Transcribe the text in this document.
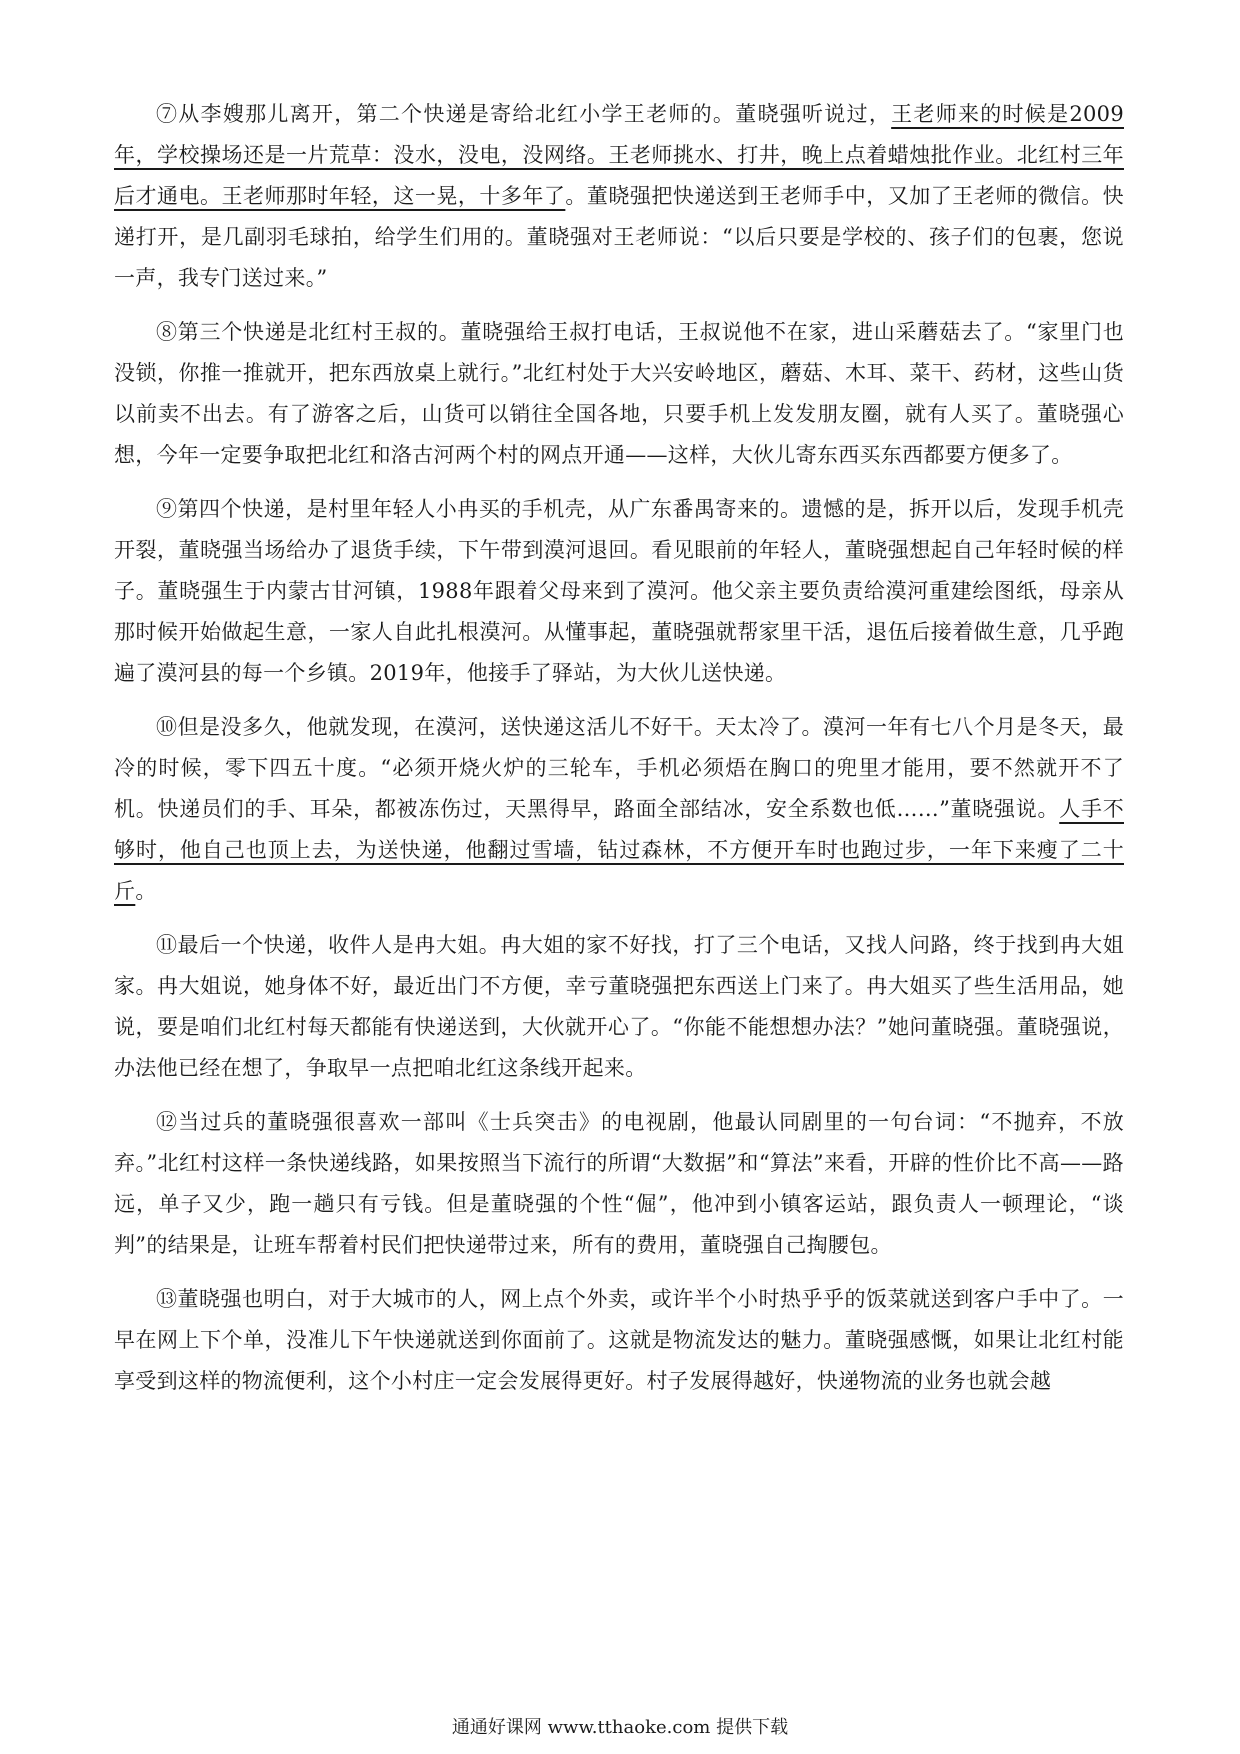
⑦从李嫂那儿离开，第二个快递是寄给北红小学王老师的。董晓强听说过，王老师来的时候是2009年，学校操场还是一片荒草：没水，没电，没网络。王老师挑水、打井，晚上点着蜡烛批作业。北红村三年后才通电。王老师那时年轻，这一晃，十多年了。董晓强把快递送到王老师手中，又加了王老师的微信。快递打开，是几副羽毛球拍，给学生们用的。董晓强对王老师说：“以后只要是学校的、孩子们的包裹，您说一声，我专门送过来。”

⑧第三个快递是北红村王叔的。董晓强给王叔打电话，王叔说他不在家，进山采蘑菇去了。“家里门也没锁，你推一推就开，把东西放桌上就行。”北红村处于大兴安岭地区，蘑菇、木耳、菜干、药材，这些山货以前卖不出去。有了游客之后，山货可以销往全国各地，只要手机上发发朋友圈，就有人买了。董晓强心想，今年一定要争取把北红和洛古河两个村的网点开通——这样，大伙儿寄东西买东西都要方便多了。

⑨第四个快递，是村里年轻人小冉买的手机壳，从广东番禺寄来的。遗憾的是，拆开以后，发现手机壳开裂，董晓强当场给办了退货手续，下午带到漠河退回。看见眼前的年轻人，董晓强想起自己年轻时候的样子。董晓强生于内蒙古甘河镇，1988年跟着父母来到了漠河。他父亲主要负责给漠河重建绘图纸，母亲从那时候开始做起生意，一家人自此扎根漠河。从懂事起，董晓强就帮家里干活，退伍后接着做生意，几乎跑遍了漠河县的每一个乡镇。2019年，他接手了驿站，为大伙儿送快递。

⑩但是没多久，他就发现，在漠河，送快递这活儿不好干。天太冷了。漠河一年有七八个月是冬天，最冷的时候，零下四五十度。“必须开烧火炉的三轮车，手机必须焐在胸口的兜里才能用，要不然就开不了机。快递员们的手、耳朵，都被冻伤过，天黑得早，路面全部结冰，安全系数也低……”董晓强说。人手不够时，他自己也顶上去，为送快递，他翻过雪墙，钻过森林，不方便开车时也跑过步，一年下来瘦了二十斤。

⑪最后一个快递，收件人是冉大姐。冉大姐的家不好找，打了三个电话，又找人问路，终于找到冉大姐家。冉大姐说，她身体不好，最近出门不方便，幸亏董晓强把东西送上门来了。冉大姐买了些生活用品，她说，要是咱们北红村每天都能有快递送到，大伙就开心了。“你能不能想想办法？”她问董晓强。董晓强说，办法他已经在想了，争取早一点把咱北红这条线开起来。

⑫当过兵的董晓强很喜欢一部叫《士兵突击》的电视剧，他最认同剧里的一句台词：“不抛弃，不放弃。”北红村这样一条快递线路，如果按照当下流行的所谓“大数据”和“算法”来看，开辟的性价比不高——路远，单子又少，跑一趟只有亏钱。但是董晓强的个性“倔”，他冲到小镇客运站，跟负责人一顿理论，“谈判”的结果是，让班车帮着村民们把快递带过来，所有的费用，董晓强自己掏腰包。

⑬董晓强也明白，对于大城市的人，网上点个外卖，或许半个小时热乎乎的饭菜就送到客户手中了。一早在网上下个单，没准儿下午快递就送到你面前了。这就是物流发达的魅力。董晓强感慨，如果让北红村能享受到这样的物流便利，这个小村庄一定会发展得更好。村子发展得越好，快递物流的业务也就会越

通通好课网 www.tthaoke.com 提供下载
